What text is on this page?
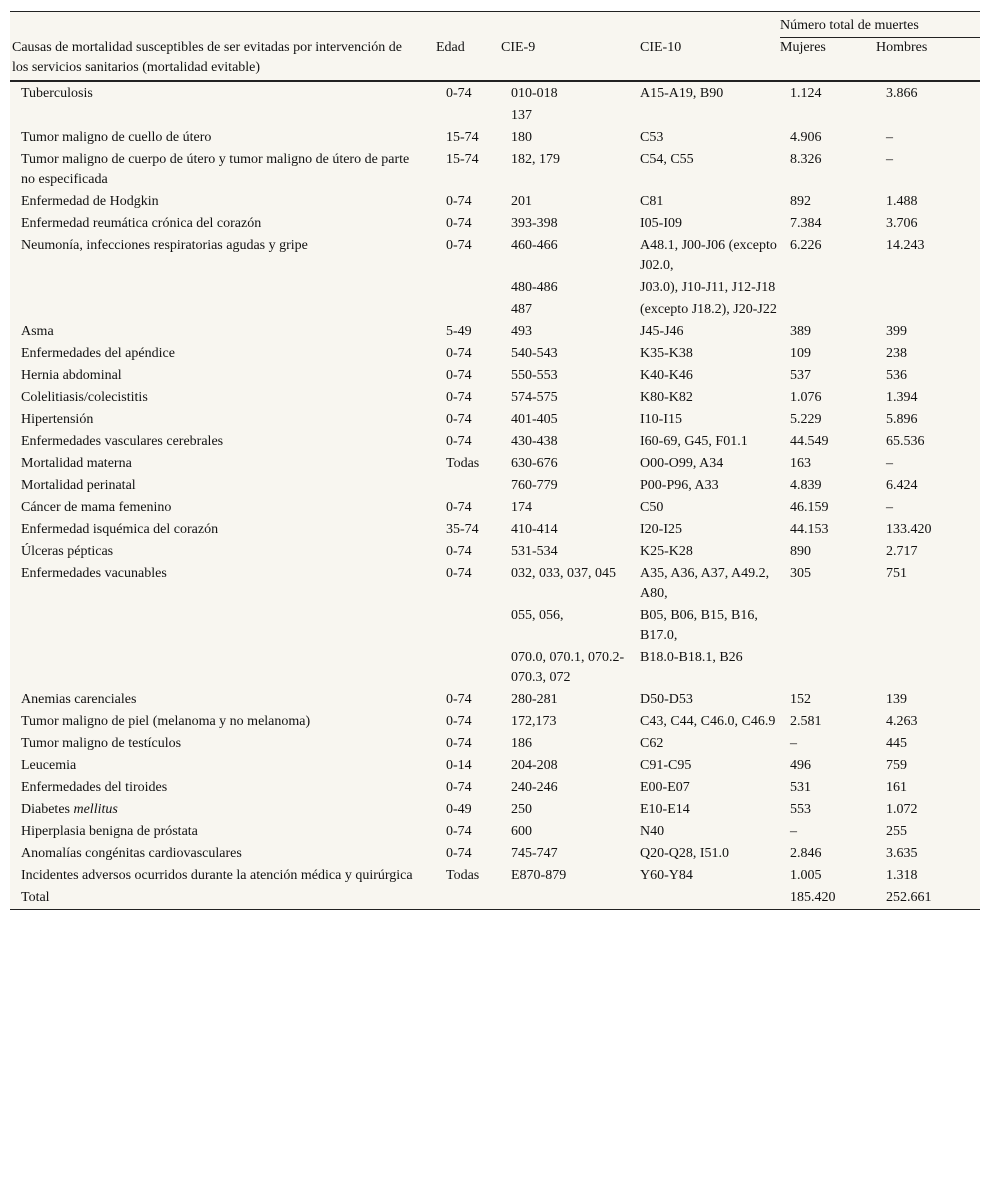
				Número total de muertes	
Causas de mortalidad susceptibles de ser evitadas por intervención de los servicios sanitarios (mortalidad evitable)	Edad	CIE-9	CIE-10	Mujeres	Hombres
Tuberculosis	0-74	010-018	A15-A19, B90	1.124	3.866
		137			
Tumor maligno de cuello de útero	15-74	180	C53	4.906	–
Tumor maligno de cuerpo de útero y tumor maligno de útero de parte no especificada	15-74	182, 179	C54, C55	8.326	–
Enfermedad de Hodgkin	0-74	201	C81	892	1.488
Enfermedad reumática crónica del corazón	0-74	393-398	I05-I09	7.384	3.706
Neumonía, infecciones respiratorias agudas y gripe	0-74	460-466	A48.1, J00-J06 (excepto J02.0,	6.226	14.243
		480-486	J03.0), J10-J11, J12-J18		
		487	(excepto J18.2), J20-J22		
Asma	5-49	493	J45-J46	389	399
Enfermedades del apéndice	0-74	540-543	K35-K38	109	238
Hernia abdominal	0-74	550-553	K40-K46	537	536
Colelitiasis/colecistitis	0-74	574-575	K80-K82	1.076	1.394
Hipertensión	0-74	401-405	I10-I15	5.229	5.896
Enfermedades vasculares cerebrales	0-74	430-438	I60-69, G45, F01.1	44.549	65.536
Mortalidad materna	Todas	630-676	O00-O99, A34	163	–
Mortalidad perinatal		760-779	P00-P96, A33	4.839	6.424
Cáncer de mama femenino	0-74	174	C50	46.159	–
Enfermedad isquémica del corazón	35-74	410-414	I20-I25	44.153	133.420
Úlceras pépticas	0-74	531-534	K25-K28	890	2.717
Enfermedades vacunables	0-74	032, 033, 037, 045	A35, A36, A37, A49.2, A80,	305	751
		055, 056,	B05, B06, B15, B16, B17.0,		
		070.0, 070.1, 070.2-070.3, 072	B18.0-B18.1, B26		
Anemias carenciales	0-74	280-281	D50-D53	152	139
Tumor maligno de piel (melanoma y no melanoma)	0-74	172,173	C43, C44, C46.0, C46.9	2.581	4.263
Tumor maligno de testículos	0-74	186	C62	–	445
Leucemia	0-14	204-208	C91-C95	496	759
Enfermedades del tiroides	0-74	240-246	E00-E07	531	161
Diabetes mellitus	0-49	250	E10-E14	553	1.072
Hiperplasia benigna de próstata	0-74	600	N40	–	255
Anomalías congénitas cardiovasculares	0-74	745-747	Q20-Q28, I51.0	2.846	3.635
Incidentes adversos ocurridos durante la atención médica y quirúrgica	Todas	E870-879	Y60-Y84	1.005	1.318
Total				185.420	252.661
